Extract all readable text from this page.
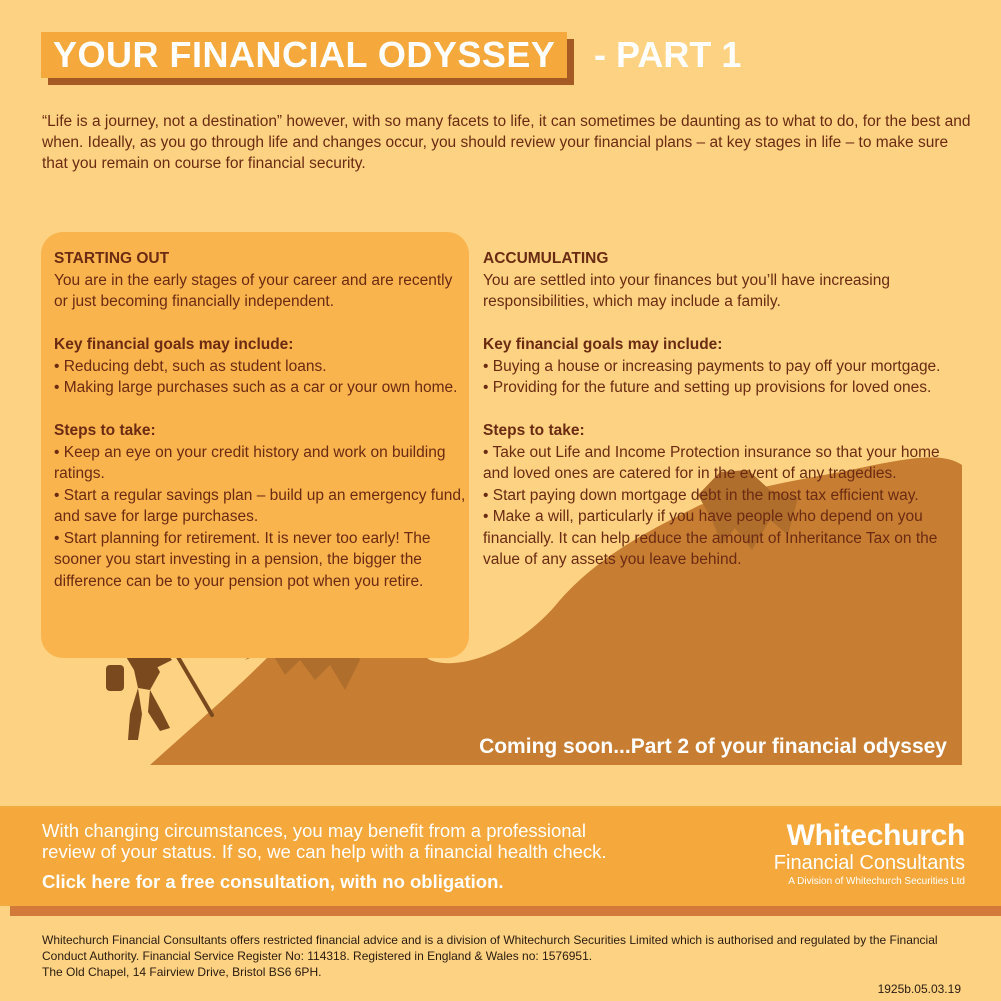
YOUR FINANCIAL ODYSSEY	- PART 1

“Life is a journey, not a destination” however, with so many facets to life, it can sometimes be daunting as to what to do, for the best and when. Ideally, as you go through life and changes occur, you should review your financial plans – at key stages in life – to make sure that you remain on course for financial security.

STARTING OUT

You are in the early stages of your career and are recently or just becoming financially independent.

Key financial goals may include:

• Reducing debt, such as student loans.

• Making large purchases such as a car or your own home.

Steps to take:

• Keep an eye on your credit history and work on building ratings.

• Start a regular savings plan – build up an emergency fund, and save for large purchases.

• Start planning for retirement. It is never too early! The sooner you start investing in a pension, the bigger the difference can be to your pension pot when you retire.

ACCUMULATING

You are settled into your finances but you’ll have increasing responsibilities, which may include a family.

Key financial goals may include:

• Buying a house or increasing payments to pay off your mortgage.

• Providing for the future and setting up provisions for loved ones.

Steps to take:

• Take out Life and Income Protection insurance so that your home and loved ones are catered for in the event of any tragedies.

• Start paying down mortgage debt in the most tax efficient way.

• Make a will, particularly if you have people who depend on you financially. It can help reduce the amount of Inheritance Tax on the value of any assets you leave behind.

Coming soon...Part 2 of your financial odyssey

With changing circumstances, you may benefit from a professional

review of your status. If so, we can help with a financial health check.

Click here for a free consultation, with no obligation.
Whitechurch
Financial Consultants
A Division of Whitechurch Securities Ltd

Whitechurch Financial Consultants offers restricted financial advice and is a division of Whitechurch Securities Limited which is authorised and regulated by the Financial Conduct Authority. Financial Service Register No: 114318. Registered in England & Wales no: 1576951.

The Old Chapel, 14 Fairview Drive, Bristol BS6 6PH.

1925b.05.03.19
